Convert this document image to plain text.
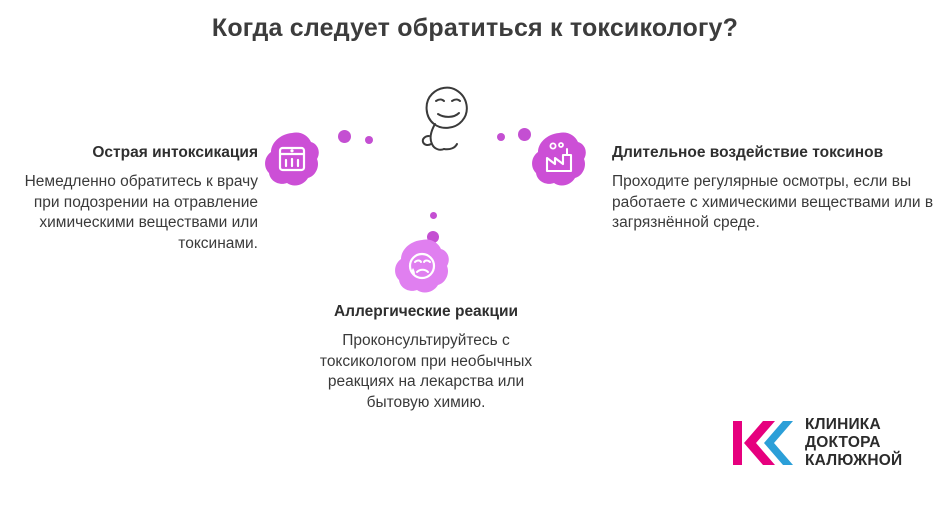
Когда следует обратиться к токсикологу?
Острая интоксикация
Немедленно обратитесь к врачу при подозрении на отравление химическими веществами или токсинами.
Длительное воздействие токсинов
Проходите регулярные осмотры, если вы работаете с химическими веществами или в загрязнённой среде.
Аллергические реакции
Проконсультируйтесь с токсикологом при необычных реакциях на лекарства или бытовую химию.
КЛИНИКА
ДОКТОРА
КАЛЮЖНОЙ
